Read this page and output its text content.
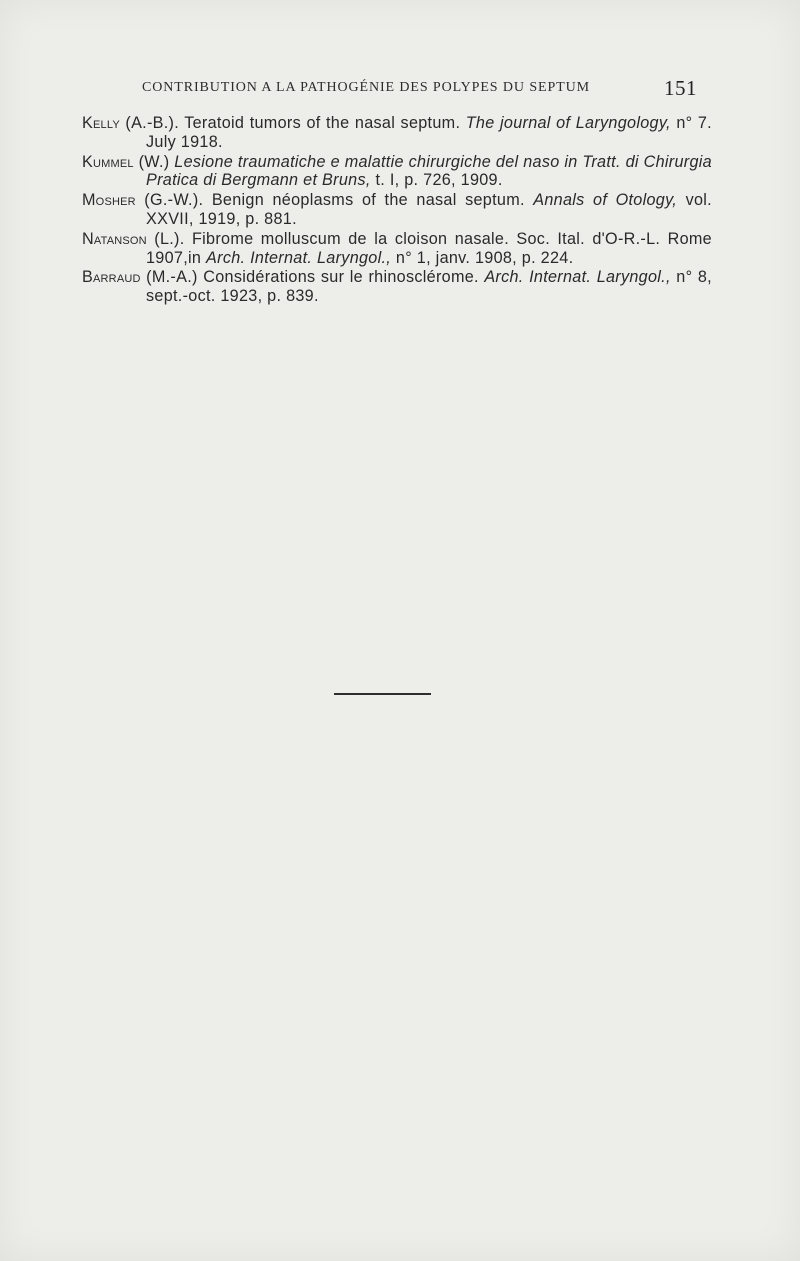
CONTRIBUTION A LA PATHOGÉNIE DES POLYPES DU SEPTUM	151

Kelly (A.-B.). Teratoid tumors of the nasal septum. The journal of Laryngology, n° 7. July 1918.

Kummel (W.) Lesione traumatiche e malattie chirurgiche del naso in Tratt. di Chirurgia Pratica di Bergmann et Bruns, t. I, p. 726, 1909.

Mosher (G.-W.). Benign néoplasms of the nasal septum. Annals of Otology, vol. XXVII, 1919, p. 881.

Natanson (L.). Fibrome molluscum de la cloison nasale. Soc. Ital. d'O-R.-L. Rome 1907,in Arch. Internat. Laryngol., n° 1, janv. 1908, p. 224.

Barraud (M.-A.) Considérations sur le rhinosclérome. Arch. Internat. Laryngol., n° 8, sept.-oct. 1923, p. 839.
